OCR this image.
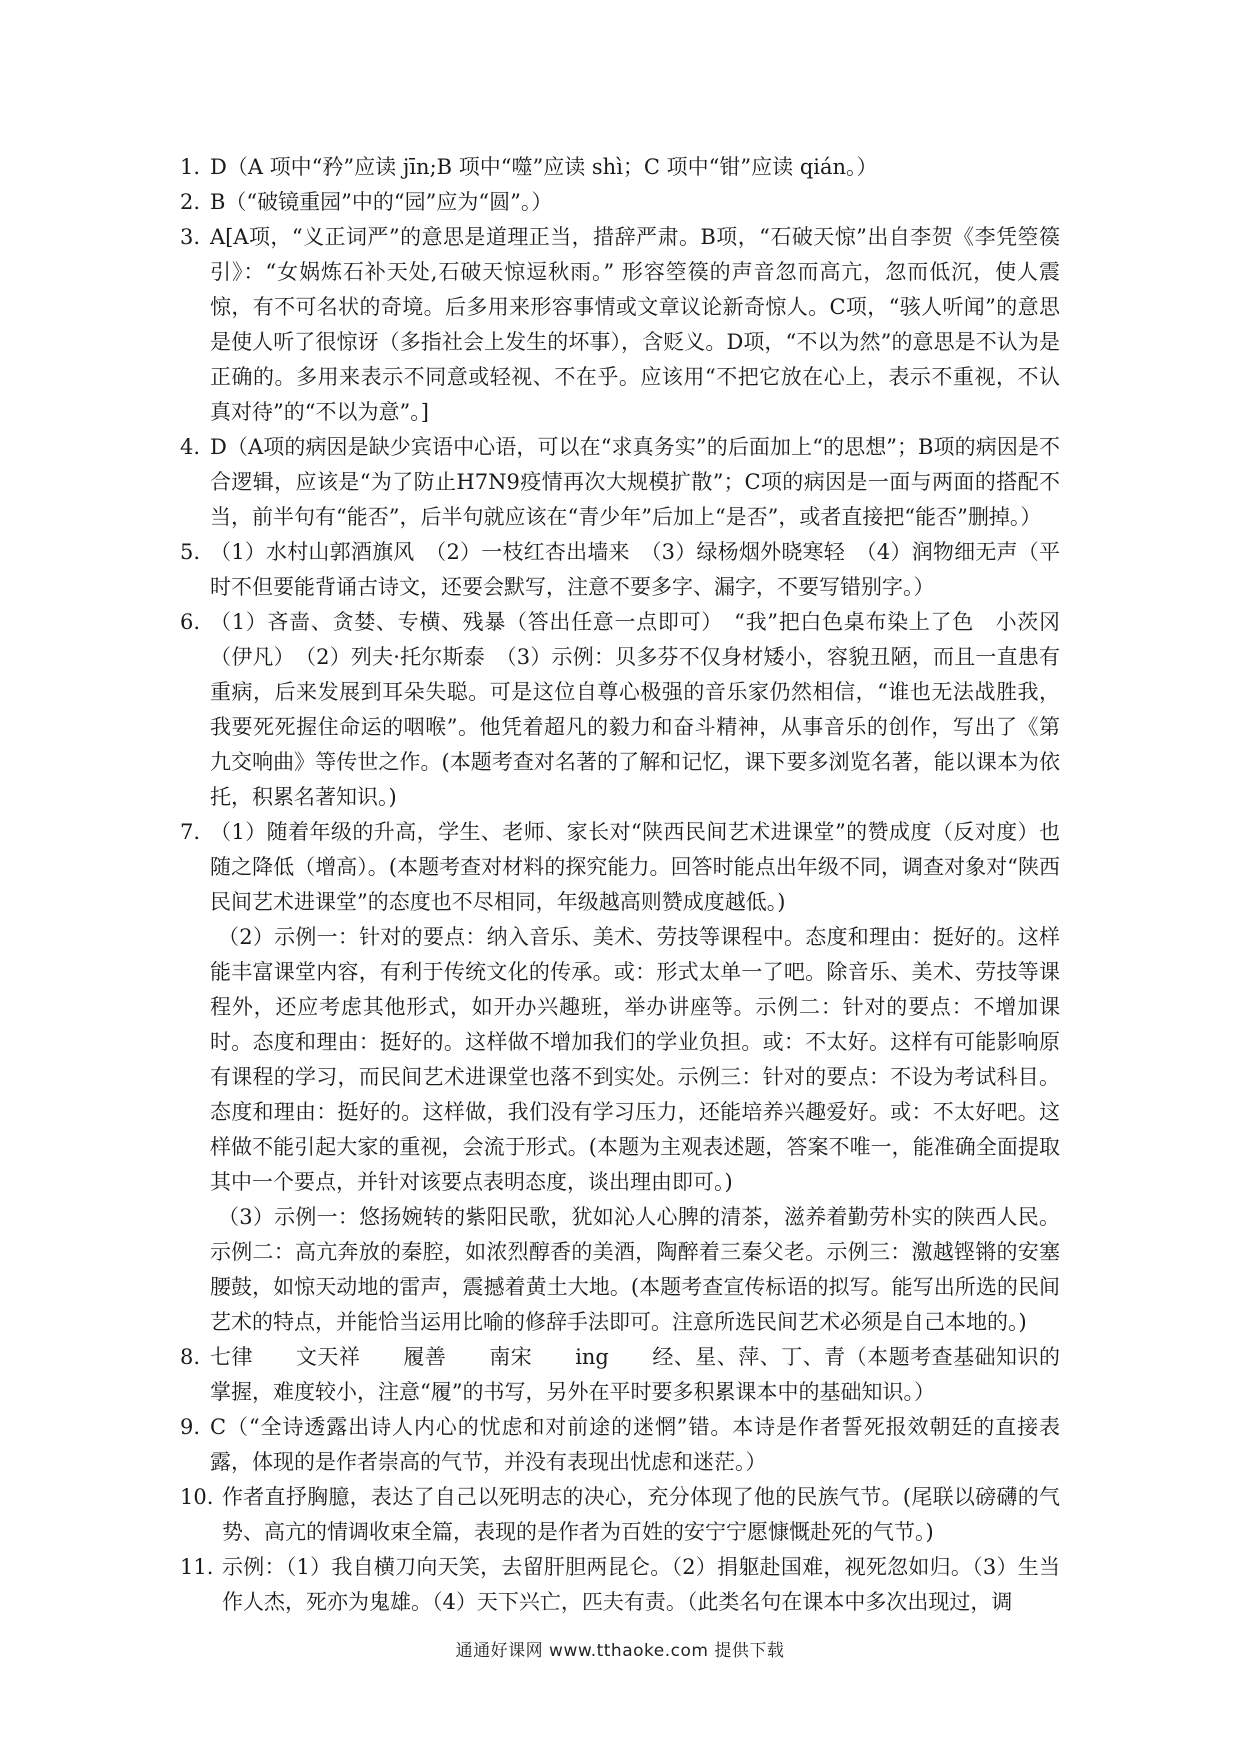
1. D（A 项中“矜”应读 jīn;B 项中“噬”应读 shì；C 项中“钳”应读 qián。）

2. B（“破镜重园”中的“园”应为“圆”。）

3. A[A项，“义正词严”的意思是道理正当，措辞严肃。B项，“石破天惊”出自李贺《李凭箜篌引》：“女娲炼石补天处,石破天惊逗秋雨。” 形容箜篌的声音忽而高亢，忽而低沉，使人震惊，有不可名状的奇境。后多用来形容事情或文章议论新奇惊人。C项，“骇人听闻”的意思是使人听了很惊讶（多指社会上发生的坏事），含贬义。D项，“不以为然”的意思是不认为是正确的。多用来表示不同意或轻视、不在乎。应该用“不把它放在心上，表示不重视，不认真对待”的“不以为意”。]

4. D（A项的病因是缺少宾语中心语，可以在“求真务实”的后面加上“的思想”；B项的病因是不合逻辑，应该是“为了防止H7N9疫情再次大规模扩散”；C项的病因是一面与两面的搭配不当，前半句有“能否”，后半句就应该在“青少年”后加上“是否”，或者直接把“能否”删掉。）

5. （1）水村山郭酒旗风　（2）一枝红杏出墙来　（3）绿杨烟外晓寒轻　（4）润物细无声（平时不但要能背诵古诗文，还要会默写，注意不要多字、漏字，不要写错别字。）

6. （1）吝啬、贪婪、专横、残暴（答出任意一点即可）　“我”把白色桌布染上了色　小茨冈（伊凡）　（2）列夫·托尔斯泰　（3）示例：贝多芬不仅身材矮小，容貌丑陋，而且一直患有重病，后来发展到耳朵失聪。可是这位自尊心极强的音乐家仍然相信，“谁也无法战胜我，我要死死握住命运的咽喉”。他凭着超凡的毅力和奋斗精神，从事音乐的创作，写出了《第九交响曲》等传世之作。(本题考查对名著的了解和记忆，课下要多浏览名著，能以课本为依托，积累名著知识。)

7. （1）随着年级的升高，学生、老师、家长对“陕西民间艺术进课堂”的赞成度（反对度）也随之降低（增高）。(本题考查对材料的探究能力。回答时能点出年级不同，调查对象对“陕西民间艺术进课堂”的态度也不尽相同，年级越高则赞成度越低。)

（2）示例一：针对的要点：纳入音乐、美术、劳技等课程中。态度和理由：挺好的。这样能丰富课堂内容，有利于传统文化的传承。或：形式太单一了吧。除音乐、美术、劳技等课程外，还应考虑其他形式，如开办兴趣班，举办讲座等。示例二：针对的要点：不增加课时。态度和理由：挺好的。这样做不增加我们的学业负担。或：不太好。这样有可能影响原有课程的学习，而民间艺术进课堂也落不到实处。示例三：针对的要点：不设为考试科目。态度和理由：挺好的。这样做，我们没有学习压力，还能培养兴趣爱好。或：不太好吧。这样做不能引起大家的重视，会流于形式。(本题为主观表述题，答案不唯一，能准确全面提取其中一个要点，并针对该要点表明态度，谈出理由即可。)

（3）示例一：悠扬婉转的紫阳民歌，犹如沁人心脾的清茶，滋养着勤劳朴实的陕西人民。示例二：高亢奔放的秦腔，如浓烈醇香的美酒，陶醉着三秦父老。示例三：激越铿锵的安塞腰鼓，如惊天动地的雷声，震撼着黄土大地。(本题考查宣传标语的拟写。能写出所选的民间艺术的特点，并能恰当运用比喻的修辞手法即可。注意所选民间艺术必须是自己本地的。)

8. 七律　　文天祥　　履善　　南宋　　ing　　经、星、萍、丁、青（本题考查基础知识的掌握，难度较小，注意“履”的书写，另外在平时要多积累课本中的基础知识。）

9. C（“全诗透露出诗人内心的忧虑和对前途的迷惘”错。本诗是作者誓死报效朝廷的直接表露，体现的是作者崇高的气节，并没有表现出忧虑和迷茫。）

10. 作者直抒胸臆，表达了自己以死明志的决心，充分体现了他的民族气节。(尾联以磅礴的气势、高亢的情调收束全篇，表现的是作者为百姓的安宁宁愿慷慨赴死的气节。)

11. 示例：（1）我自横刀向天笑，去留肝胆两昆仑。（2）捐躯赴国难，视死忽如归。（3）生当作人杰，死亦为鬼雄。（4）天下兴亡，匹夫有责。（此类名句在课本中多次出现过，调

通通好课网 www.tthaoke.com 提供下载
